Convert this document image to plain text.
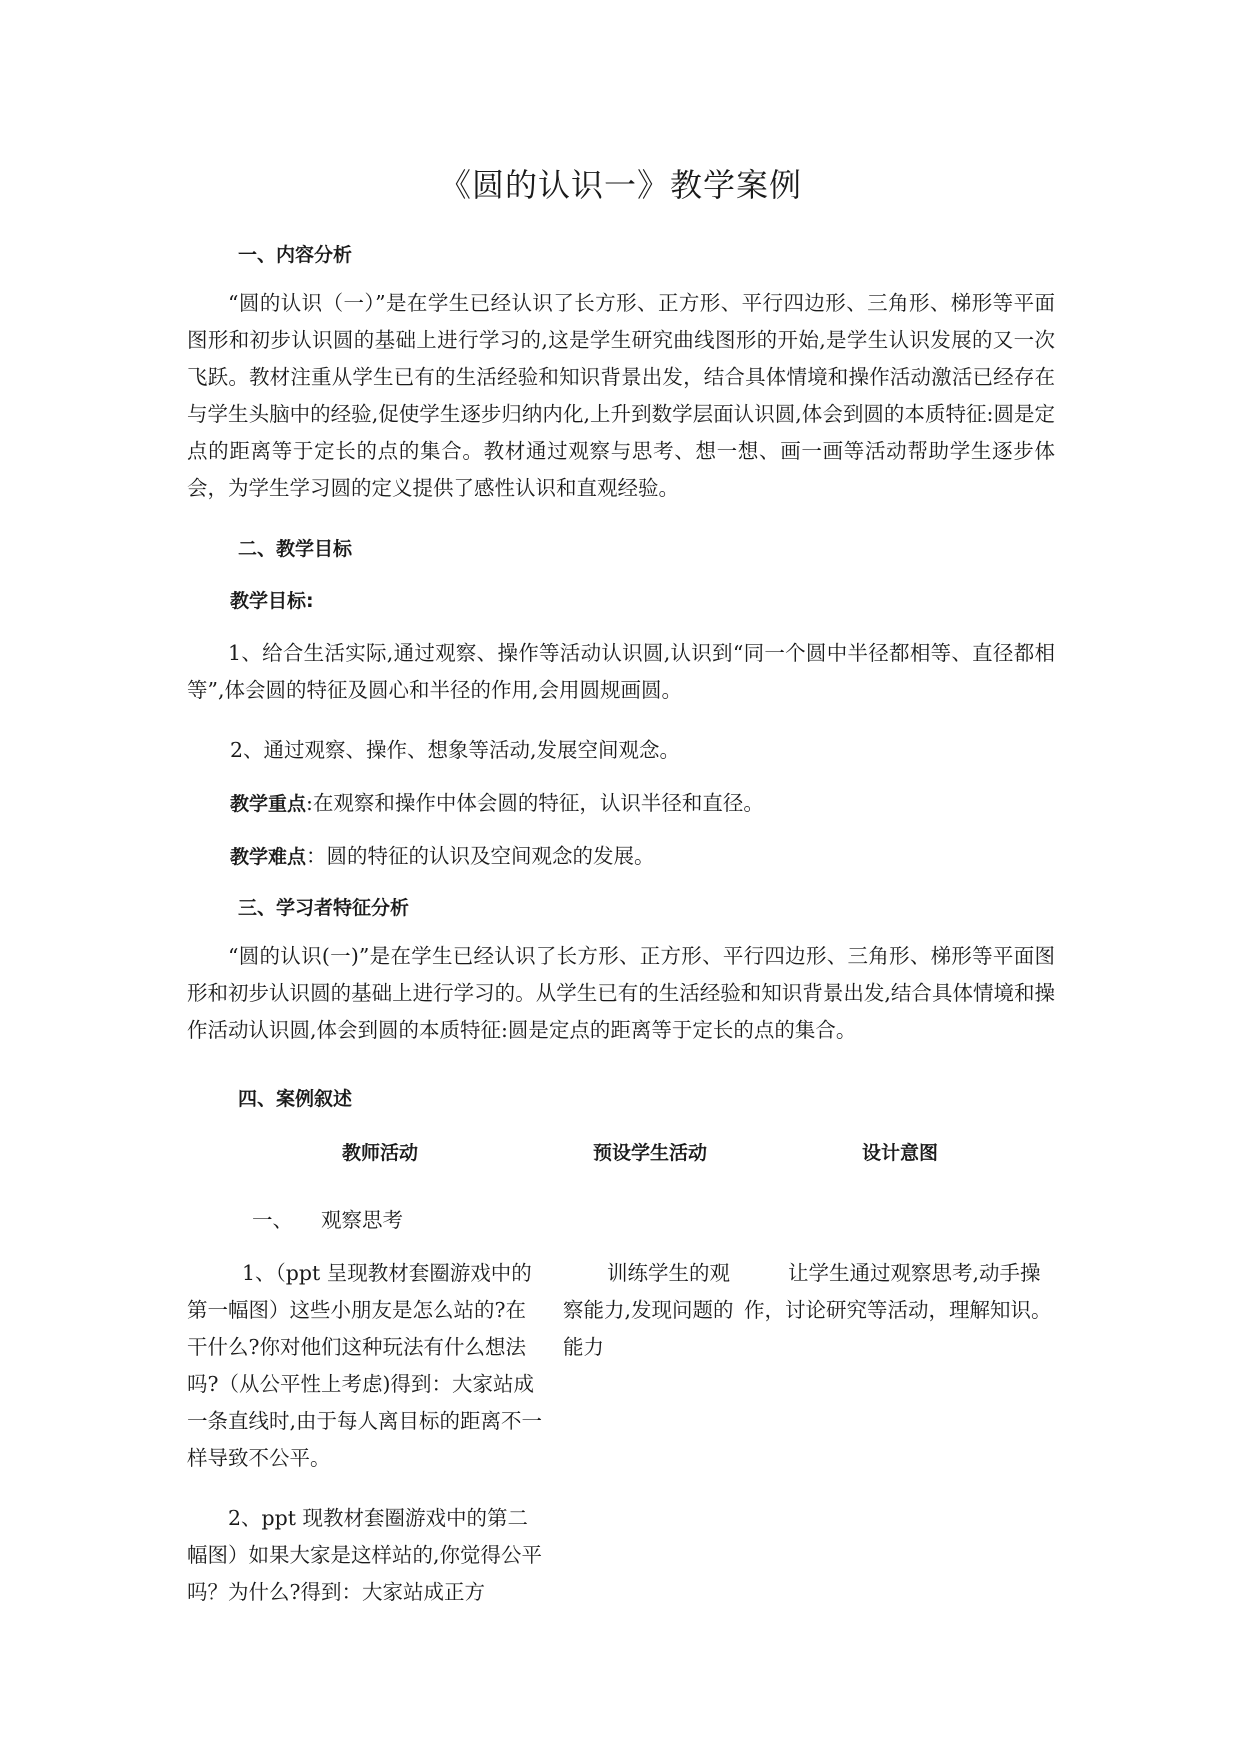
《圆的认识一》教学案例
一、内容分析

“圆的认识（一）”是在学生已经认识了长方形、正方形、平行四边形、三角形、梯形等平面图形和初步认识圆的基础上进行学习的,这是学生研究曲线图形的开始,是学生认识发展的又一次飞跃。教材注重从学生已有的生活经验和知识背景出发，结合具体情境和操作活动激活已经存在与学生头脑中的经验,促使学生逐步归纳内化,上升到数学层面认识圆,体会到圆的本质特征:圆是定点的距离等于定长的点的集合。教材通过观察与思考、想一想、画一画等活动帮助学生逐步体会，为学生学习圆的定义提供了感性认识和直观经验。

二、教学目标
教学目标:

1、给合生活实际,通过观察、操作等活动认识圆,认识到“同一个圆中半径都相等、直径都相等”,体会圆的特征及圆心和半径的作用,会用圆规画圆。

2、通过观察、操作、想象等活动,发展空间观念。
教学重点:在观察和操作中体会圆的特征，认识半径和直径。
教学难点：圆的特征的认识及空间观念的发展。
三、学习者特征分析

“圆的认识(一)”是在学生已经认识了长方形、正方形、平行四边形、三角形、梯形等平面图形和初步认识圆的基础上进行学习的。从学生已有的生活经验和知识背景出发,结合具体情境和操作活动认识圆,体会到圆的本质特征:圆是定点的距离等于定长的点的集合。

四、案例叙述
教师活动	预设学生活动	设计意图
一、 观察思考

1、（ppt 呈现教材套圈游戏中的第一幅图）这些小朋友是怎么站的?在干什么?你对他们这种玩法有什么想法吗?（从公平性上考虑)得到：大家站成一条直线时,由于每人离目标的距离不一样导致不公平。

训练学生的观察能力,发现问题的能力

让学生通过观察思考,动手操作，讨论研究等活动，理解知识。

2、ppt 现教材套圈游戏中的第二幅图）如果大家是这样站的,你觉得公平吗？为什么?得到：大家站成正方
